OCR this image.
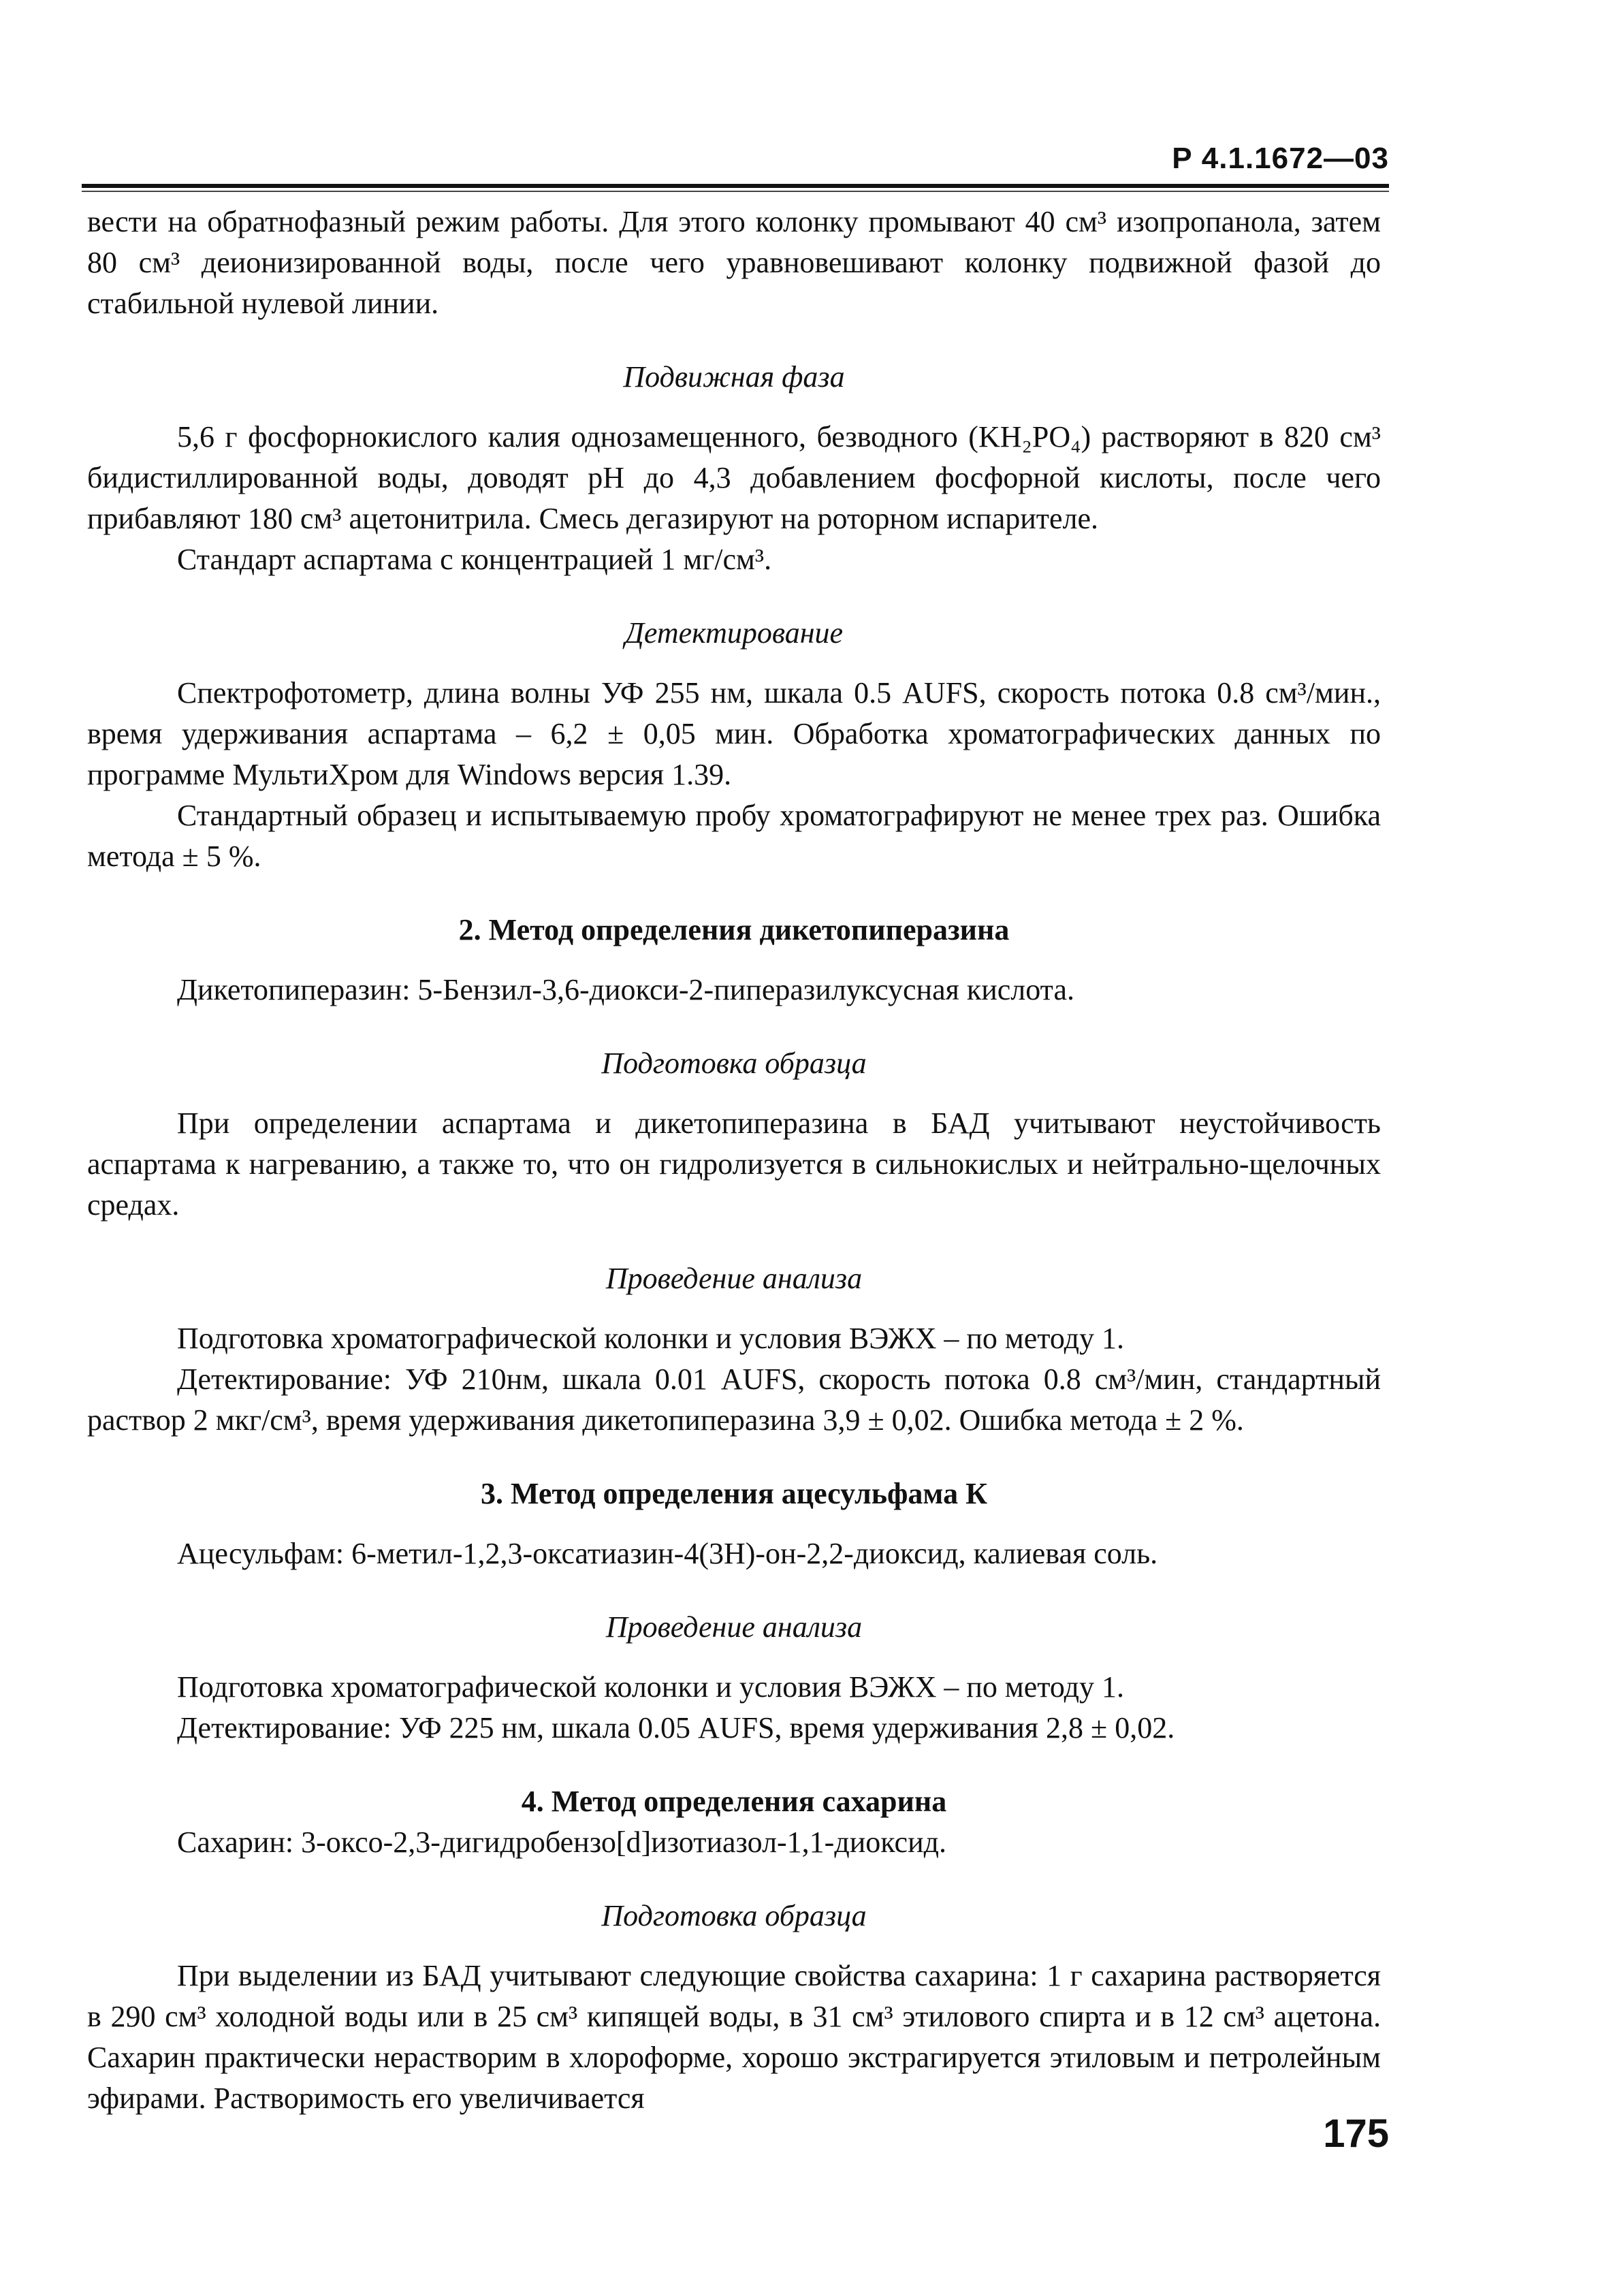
Р 4.1.1672—03

вести на обратнофазный режим работы. Для этого колонку промывают 40 см³ изопропанола, затем 80 см³ деионизированной воды, после чего уравновешивают колонку подвижной фазой до стабильной нулевой линии.

Подвижная фаза

5,6 г фосфорнокислого калия однозамещенного, безводного (KH₂PO₄) растворяют в 820 см³ бидистиллированной воды, доводят pH до 4,3 добавлением фосфорной кислоты, после чего прибавляют 180 см³ ацетонитрила. Смесь дегазируют на роторном испарителе.

Стандарт аспартама с концентрацией 1 мг/см³.

Детектирование

Спектрофотометр, длина волны УФ 255 нм, шкала 0.5 AUFS, скорость потока 0.8 см³/мин., время удерживания аспартама – 6,2 ± 0,05 мин. Обработка хроматографических данных по программе МультиХром для Windows версия 1.39.

Стандартный образец и испытываемую пробу хроматографируют не менее трех раз. Ошибка метода ± 5 %.

2. Метод определения дикетопиперазина

Дикетопиперазин: 5-Бензил-3,6-диокси-2-пиперазилуксусная кислота.

Подготовка образца

При определении аспартама и дикетопиперазина в БАД учитывают неустойчивость аспартама к нагреванию, а также то, что он гидролизуется в сильнокислых и нейтрально-щелочных средах.

Проведение анализа

Подготовка хроматографической колонки и условия ВЭЖХ – по методу 1.

Детектирование: УФ 210нм, шкала 0.01 AUFS, скорость потока 0.8 см³/мин, стандартный раствор 2 мкг/см³, время удерживания дикетопиперазина 3,9 ± 0,02. Ошибка метода ± 2 %.

3. Метод определения ацесульфама К

Ацесульфам: 6-метил-1,2,3-оксатиазин-4(3Н)-он-2,2-диоксид, калиевая соль.

Проведение анализа

Подготовка хроматографической колонки и условия ВЭЖХ – по методу 1.

Детектирование: УФ 225 нм, шкала 0.05 AUFS, время удерживания 2,8 ± 0,02.

4. Метод определения сахарина

Сахарин: 3-оксо-2,3-дигидробензо[d]изотиазол-1,1-диоксид.

Подготовка образца

При выделении из БАД учитывают следующие свойства сахарина: 1 г сахарина растворяется в 290 см³ холодной воды или в 25 см³ кипящей воды, в 31 см³ этилового спирта и в 12 см³ ацетона. Сахарин практически нерастворим в хлороформе, хорошо экстрагируется этиловым и петролейным эфирами. Растворимость его увеличивается

175
